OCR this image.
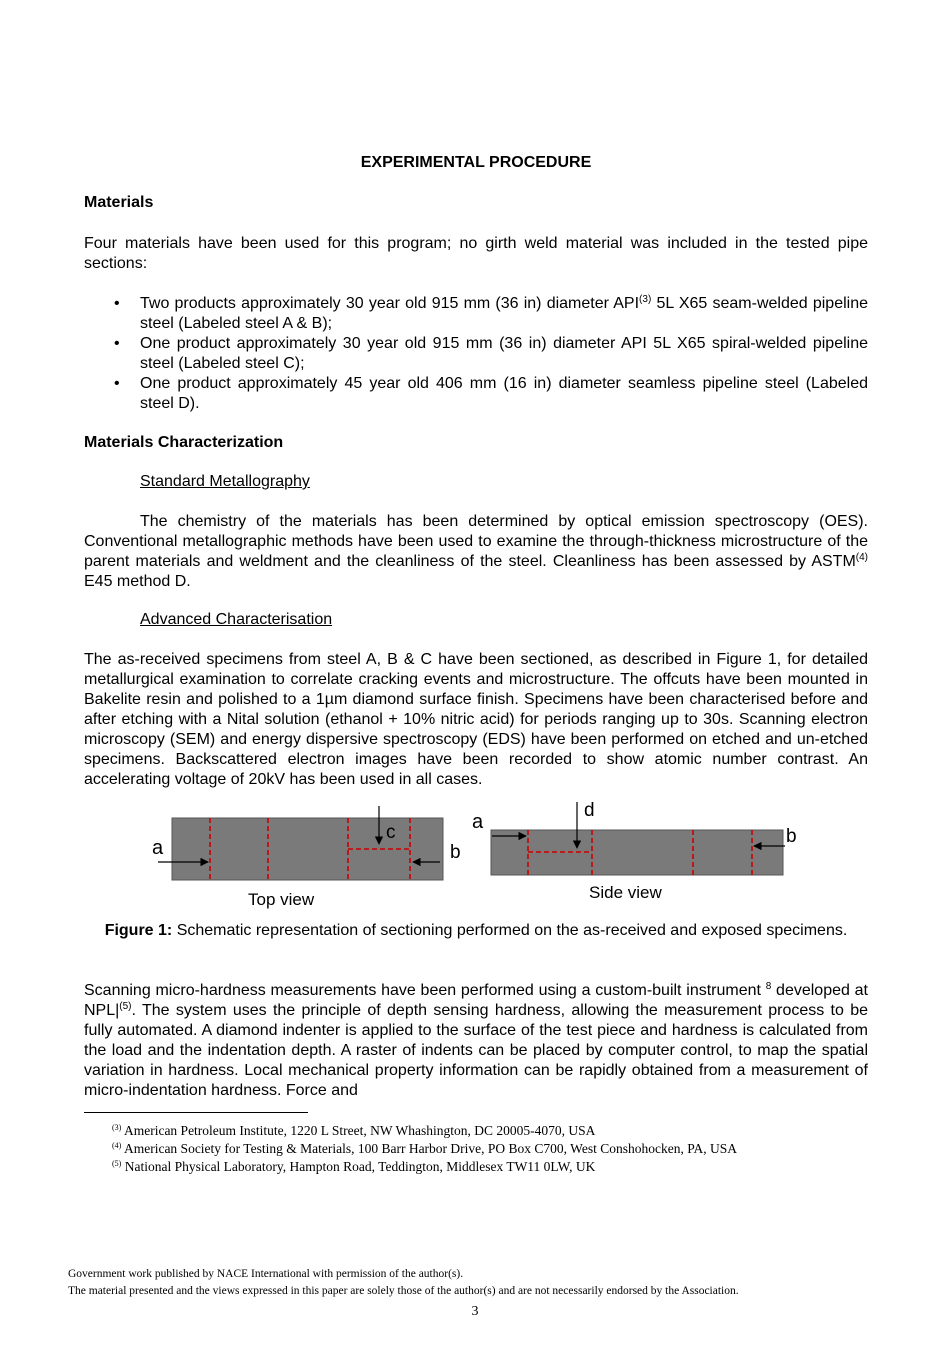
EXPERIMENTAL PROCEDURE
Materials

Four materials have been used for this program; no girth weld material was included in the tested pipe sections:

• Two products approximately 30 year old 915 mm (36 in) diameter API$^{(3)}$ 5L X65 seam-welded pipeline steel (Labeled steel A & B);
• One product approximately 30 year old 915 mm (36 in) diameter API 5L X65 spiral-welded pipeline steel (Labeled steel C);
• One product approximately 45 year old 406 mm (16 in) diameter seamless pipeline steel (Labeled steel D).
Materials Characterization
Standard Metallography

The chemistry of the materials has been determined by optical emission spectroscopy (OES). Conventional metallographic methods have been used to examine the through-thickness microstructure of the parent materials and weldment and the cleanliness of the steel. Cleanliness has been assessed by ASTM$^{(4)}$ E45 method D.

Advanced Characterisation

The as-received specimens from steel A, B & C have been sectioned, as described in Figure 1, for detailed metallurgical examination to correlate cracking events and microstructure. The offcuts have been mounted in Bakelite resin and polished to a 1µm diamond surface finish. Specimens have been characterised before and after etching with a Nital solution (ethanol + 10% nitric acid) for periods ranging up to 30s. Scanning electron microscopy (SEM) and energy dispersive spectroscopy (EDS) have been performed on etched and un-etched specimens. Backscattered electron images have been recorded to show atomic number contrast. An accelerating voltage of 20kV has been used in all cases.

a	b
c
Top view
a
b
d
Side view
Figure 1: Schematic representation of sectioning performed on the as-received and exposed specimens.

Scanning micro-hardness measurements have been performed using a custom-built instrument $^8$ developed at $NPL|^{(5)}$. The system uses the principle of depth sensing hardness, allowing the measurement process to be fully automated. A diamond indenter is applied to the surface of the test piece and hardness is calculated from the load and the indentation depth. A raster of indents can be placed by computer control, to map the spatial variation in hardness. Local mechanical property information can be rapidly obtained from a measurement of micro-indentation hardness. Force and

$^{(3)}$ American Petroleum Institute, 1220 L Street, NW Whashington, DC 20005-4070, USA
$^{(4)}$ American Society for Testing & Materials, 100 Barr Harbor Drive, PO Box C700, West Conshohocken, PA, USA
$^{(5)}$ National Physical Laboratory, Hampton Road, Teddington, Middlesex TW11 0LW, UK
Government work published by NACE International with permission of the author(s).
The material presented and the views expressed in this paper are solely those of the author(s) and are not necessarily endorsed by the Association.
3
